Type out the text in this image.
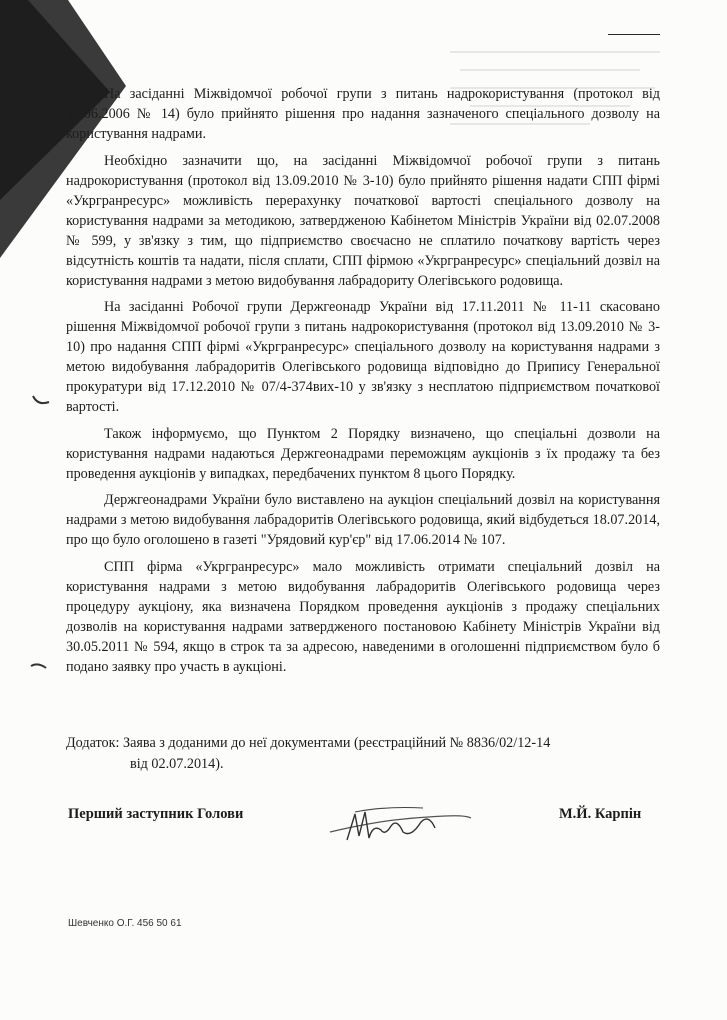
На засіданні Міжвідомчої робочої групи з питань надрокористування (протокол від 15.06.2006 № 14) було прийнято рішення про надання зазначеного спеціального дозволу на користування надрами.

Необхідно зазначити що, на засіданні Міжвідомчої робочої групи з питань надрокористування (протокол від 13.09.2010 № 3-10) було прийнято рішення надати СПП фірмі «Укргранресурс» можливість перерахунку початкової вартості спеціального дозволу на користування надрами за методикою, затвердженою Кабінетом Міністрів України від 02.07.2008 № 599, у зв'язку з тим, що підприємство своєчасно не сплатило початкову вартість через відсутність коштів та надати, після сплати, СПП фірмою «Укргранресурс» спеціальний дозвіл на користування надрами з метою видобування лабрадориту Олегівського родовища.

На засіданні Робочої групи Держгеонадр України від 17.11.2011 № 11-11 скасовано рішення Міжвідомчої робочої групи з питань надрокористування (протокол від 13.09.2010 № 3-10) про надання СПП фірмі «Укргранресурс» спеціального дозволу на користування надрами з метою видобування лабрадоритів Олегівського родовища відповідно до Припису Генеральної прокуратури від 17.12.2010 № 07/4-374вих-10 у зв'язку з несплатою підприємством початкової вартості.

Також інформуємо, що Пунктом 2 Порядку визначено, що спеціальні дозволи на користування надрами надаються Держгеонадрами переможцям аукціонів з їх продажу та без проведення аукціонів у випадках, передбачених пунктом 8 цього Порядку.

Держгеонадрами України було виставлено на аукціон спеціальний дозвіл на користування надрами з метою видобування лабрадоритів Олегівського родовища, який відбудеться 18.07.2014, про що було оголошено в газеті "Урядовий кур'єр" від 17.06.2014 № 107.

СПП фірма «Укргранресурс» мало можливість отримати спеціальний дозвіл на користування надрами з метою видобування лабрадоритів Олегівського родовища через процедуру аукціону, яка визначена Порядком проведення аукціонів з продажу спеціальних дозволів на користування надрами затвердженого постановою Кабінету Міністрів України від 30.05.2011 № 594, якщо в строк та за адресою, наведеними в оголошенні підприємством було б подано заявку про участь в аукціоні.

Додаток: Заява з доданими до неї документами (реєстраційний № 8836/02/12-14
від 02.07.2014).
Перший заступник Голови	М.Й. Карпін
Шевченко О.Г. 456 50 61
